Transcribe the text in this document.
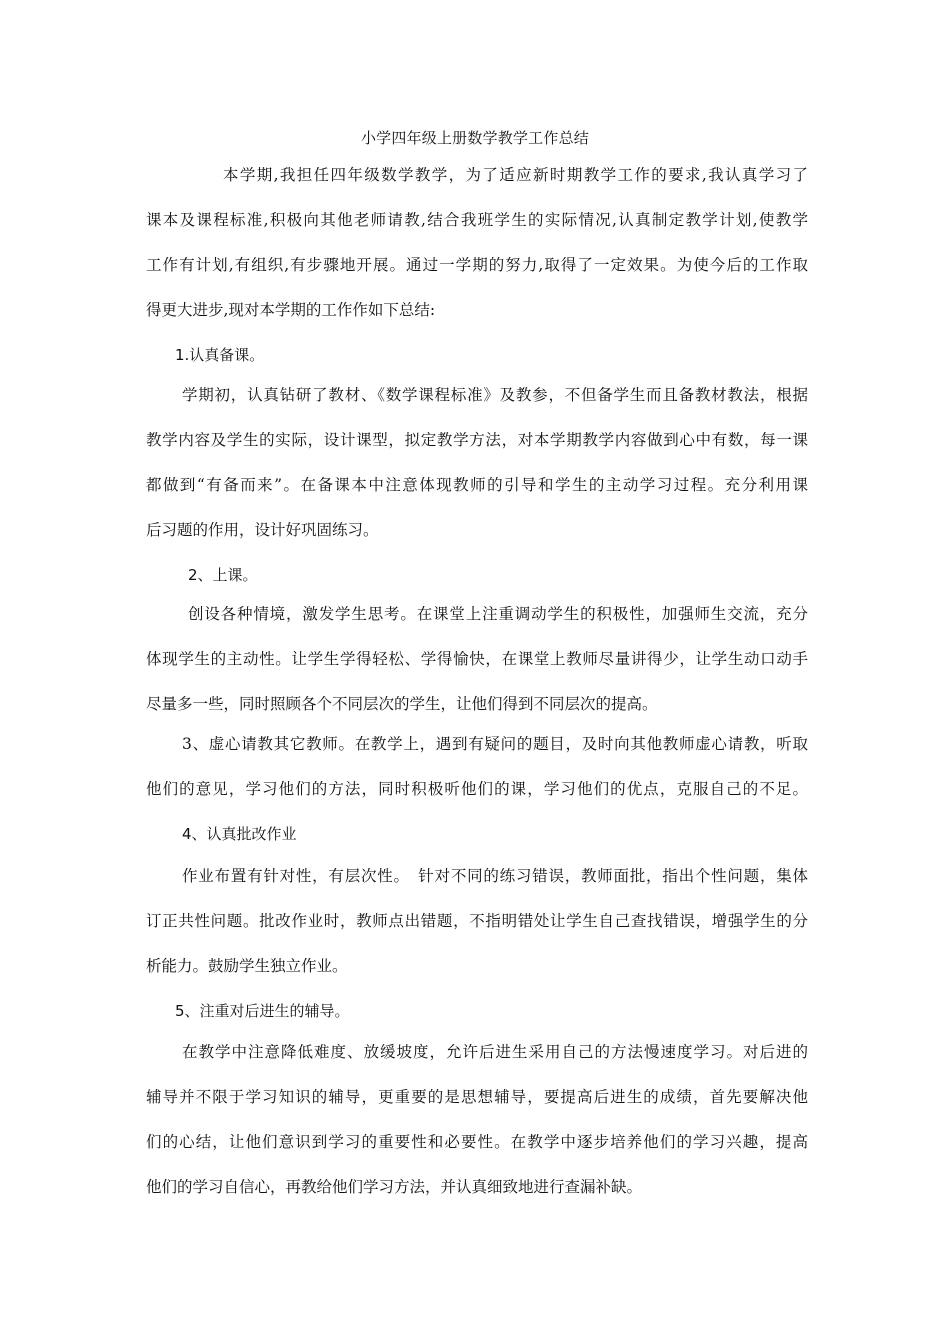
小学四年级上册数学教学工作总结
本学期,我担任四年级数学教学，为了适应新时期教学工作的要求,我认真学习了
课本及课程标准,积极向其他老师请教,结合我班学生的实际情况,认真制定教学计划,使教学
工作有计划,有组织,有步骤地开展。通过一学期的努力,取得了一定效果。为使今后的工作取
得更大进步,现对本学期的工作作如下总结:
1.认真备课。
学期初，认真钻研了教材、《数学课程标准》及教参，不但备学生而且备教材教法，根据
教学内容及学生的实际，设计课型，拟定教学方法，对本学期教学内容做到心中有数，每一课
都做到“有备而来”。在备课本中注意体现教师的引导和学生的主动学习过程。充分利用课
后习题的作用，设计好巩固练习。
2、上课。
创设各种情境，激发学生思考。在课堂上注重调动学生的积极性，加强师生交流，充分
体现学生的主动性。让学生学得轻松、学得愉快，在课堂上教师尽量讲得少，让学生动口动手
尽量多一些，同时照顾各个不同层次的学生，让他们得到不同层次的提高。
3、虚心请教其它教师。在教学上，遇到有疑问的题目，及时向其他教师虚心请教，听取
他们的意见，学习他们的方法，同时积极听他们的课，学习他们的优点，克服自己的不足。
4、认真批改作业
作业布置有针对性，有层次性。　针对不同的练习错误，教师面批，指出个性问题，集体
订正共性问题。批改作业时，教师点出错题，不指明错处让学生自己查找错误，增强学生的分
析能力。鼓励学生独立作业。
5、注重对后进生的辅导。
在教学中注意降低难度、放缓坡度，允许后进生采用自己的方法慢速度学习。对后进的
辅导并不限于学习知识的辅导，更重要的是思想辅导，要提高后进生的成绩，首先要解决他
们的心结，让他们意识到学习的重要性和必要性。在教学中逐步培养他们的学习兴趣，提高
他们的学习自信心，再教给他们学习方法，并认真细致地进行查漏补缺。
